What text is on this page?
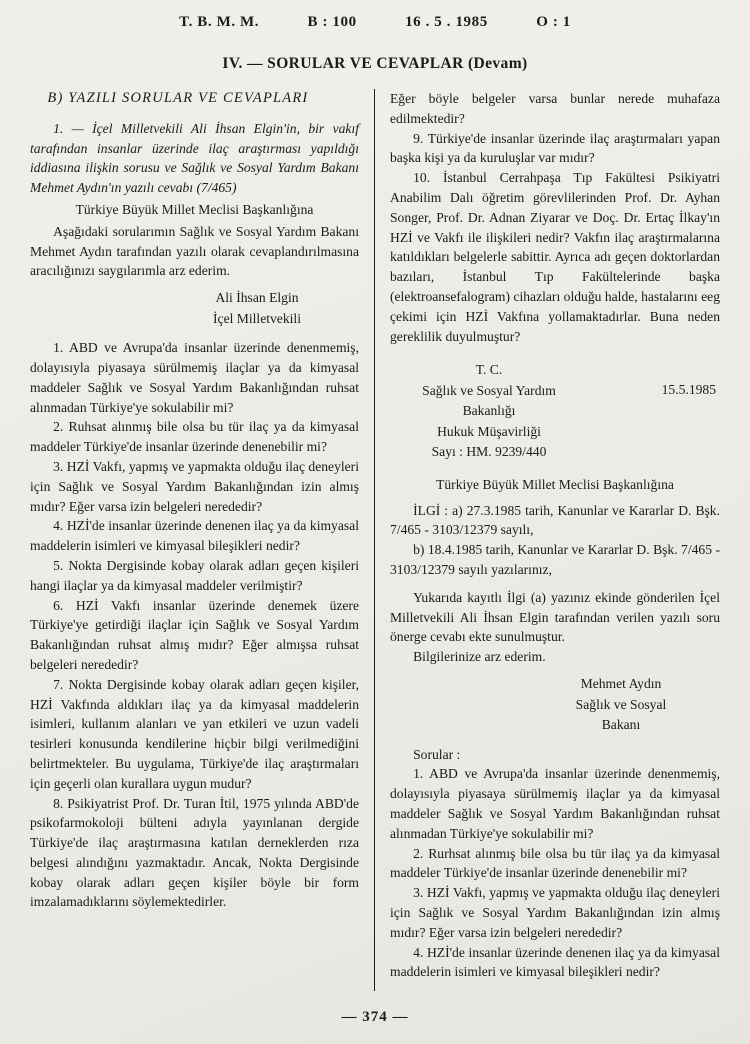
T. B. M. M.	B : 100	16 . 5 . 1985	O : 1
IV. — SORULAR VE CEVAPLAR (Devam)
B) YAZILI SORULAR VE CEVAPLARI

1. — İçel Milletvekili Ali İhsan Elgin'in, bir vakıf tarafından insanlar üzerinde ilaç araştırması yapıldığı iddiasına ilişkin sorusu ve Sağlık ve Sosyal Yardım Bakanı Mehmet Aydın'ın yazılı cevabı (7/465)

Türkiye Büyük Millet Meclisi Başkanlığına

Aşağıdaki sorularımın Sağlık ve Sosyal Yardım Bakanı Mehmet Aydın tarafından yazılı olarak cevaplandırılmasına aracılığınızı saygılarımla arz ederim.

Ali İhsan Elgin
İçel Milletvekili

1. ABD ve Avrupa'da insanlar üzerinde denenmemiş, dolayısıyla piyasaya sürülmemiş ilaçlar ya da kimyasal maddeler Sağlık ve Sosyal Yardım Bakanlığından ruhsat alınmadan Türkiye'ye sokulabilir mi?

2. Ruhsat alınmış bile olsa bu tür ilaç ya da kimyasal maddeler Türkiye'de insanlar üzerinde denenebilir mi?

3. HZİ Vakfı, yapmış ve yapmakta olduğu ilaç deneyleri için Sağlık ve Sosyal Yardım Bakanlığından izin almış mıdır? Eğer varsa izin belgeleri nerededir?

4. HZİ'de insanlar üzerinde denenen ilaç ya da kimyasal maddelerin isimleri ve kimyasal bileşikleri nedir?

5. Nokta Dergisinde kobay olarak adları geçen kişileri hangi ilaçlar ya da kimyasal maddeler verilmiştir?

6. HZİ Vakfı insanlar üzerinde denemek üzere Türkiye'ye getirdiği ilaçlar için Sağlık ve Sosyal Yardım Bakanlığından ruhsat almış mıdır? Eğer almışsa ruhsat belgeleri nerededir?

7. Nokta Dergisinde kobay olarak adları geçen kişiler, HZİ Vakfında aldıkları ilaç ya da kimyasal maddelerin isimleri, kullanım alanları ve yan etkileri ve uzun vadeli tesirleri konusunda kendilerine hiçbir bilgi verilmediğini belirtmekteler. Bu uygulama, Türkiye'de ilaç araştırmaları için geçerli olan kurallara uygun mudur?

8. Psikiyatrist Prof. Dr. Turan İtil, 1975 yılında ABD'de psikofarmokoloji bülteni adıyla yayınlanan dergide Türkiye'de ilaç araştırmasına katılan derneklerden rıza belgesi alındığını yazmaktadır. Ancak, Nokta Dergisinde kobay olarak adları geçen kişiler böyle bir form imzalamadıklarını söylemektedirler.

Eğer böyle belgeler varsa bunlar nerede muhafaza edilmektedir?

9. Türkiye'de insanlar üzerinde ilaç araştırmaları yapan başka kişi ya da kuruluşlar var mıdır?

10. İstanbul Cerrahpaşa Tıp Fakültesi Psikiyatri Anabilim Dalı öğretim görevlilerinden Prof. Dr. Ayhan Songer, Prof. Dr. Adnan Ziyarar ve Doç. Dr. Ertaç İlkay'ın HZİ ve Vakfı ile ilişkileri nedir? Vakfın ilaç araştırmalarına katıldıkları belgelerle sabittir. Ayrıca adı geçen doktorlardan bazıları, İstanbul Tıp Fakültelerinde başka (elektroansefalogram) cihazları olduğu halde, hastalarını eeg çekimi için HZİ Vakfına yollamaktadırlar. Buna neden gereklilik duyulmuştur?

T. C.
Sağlık ve Sosyal Yardım
Bakanlığı
Hukuk Müşavirliği
Sayı : HM. 9239/440
15.5.1985

Türkiye Büyük Millet Meclisi Başkanlığına

İLGİ : a) 27.3.1985 tarih, Kanunlar ve Kararlar D. Bşk. 7/465 - 3103/12379 sayılı,

b) 18.4.1985 tarih, Kanunlar ve Kararlar D. Bşk. 7/465 - 3103/12379 sayılı yazılarınız,

Yukarıda kayıtlı İlgi (a) yazınız ekinde gönderilen İçel Milletvekili Ali İhsan Elgin tarafından verilen yazılı soru önerge cevabı ekte sunulmuştur.

Bilgilerinize arz ederim.

Mehmet Aydın
Sağlık ve Sosyal
Bakanı

Sorular :

1. ABD ve Avrupa'da insanlar üzerinde denenmemiş, dolayısıyla piyasaya sürülmemiş ilaçlar ya da kimyasal maddeler Sağlık ve Sosyal Yardım Bakanlığından ruhsat alınmadan Türkiye'ye sokulabilir mi?

2. Rurhsat alınmış bile olsa bu tür ilaç ya da kimyasal maddeler Türkiye'de insanlar üzerinde denenebilir mi?

3. HZİ Vakfı, yapmış ve yapmakta olduğu ilaç deneyleri için Sağlık ve Sosyal Yardım Bakanlığından izin almış mıdır? Eğer varsa izin belgeleri nerededir?

4. HZİ'de insanlar üzerinde denenen ilaç ya da kimyasal maddelerin isimleri ve kimyasal bileşikleri nedir?

— 374 —
